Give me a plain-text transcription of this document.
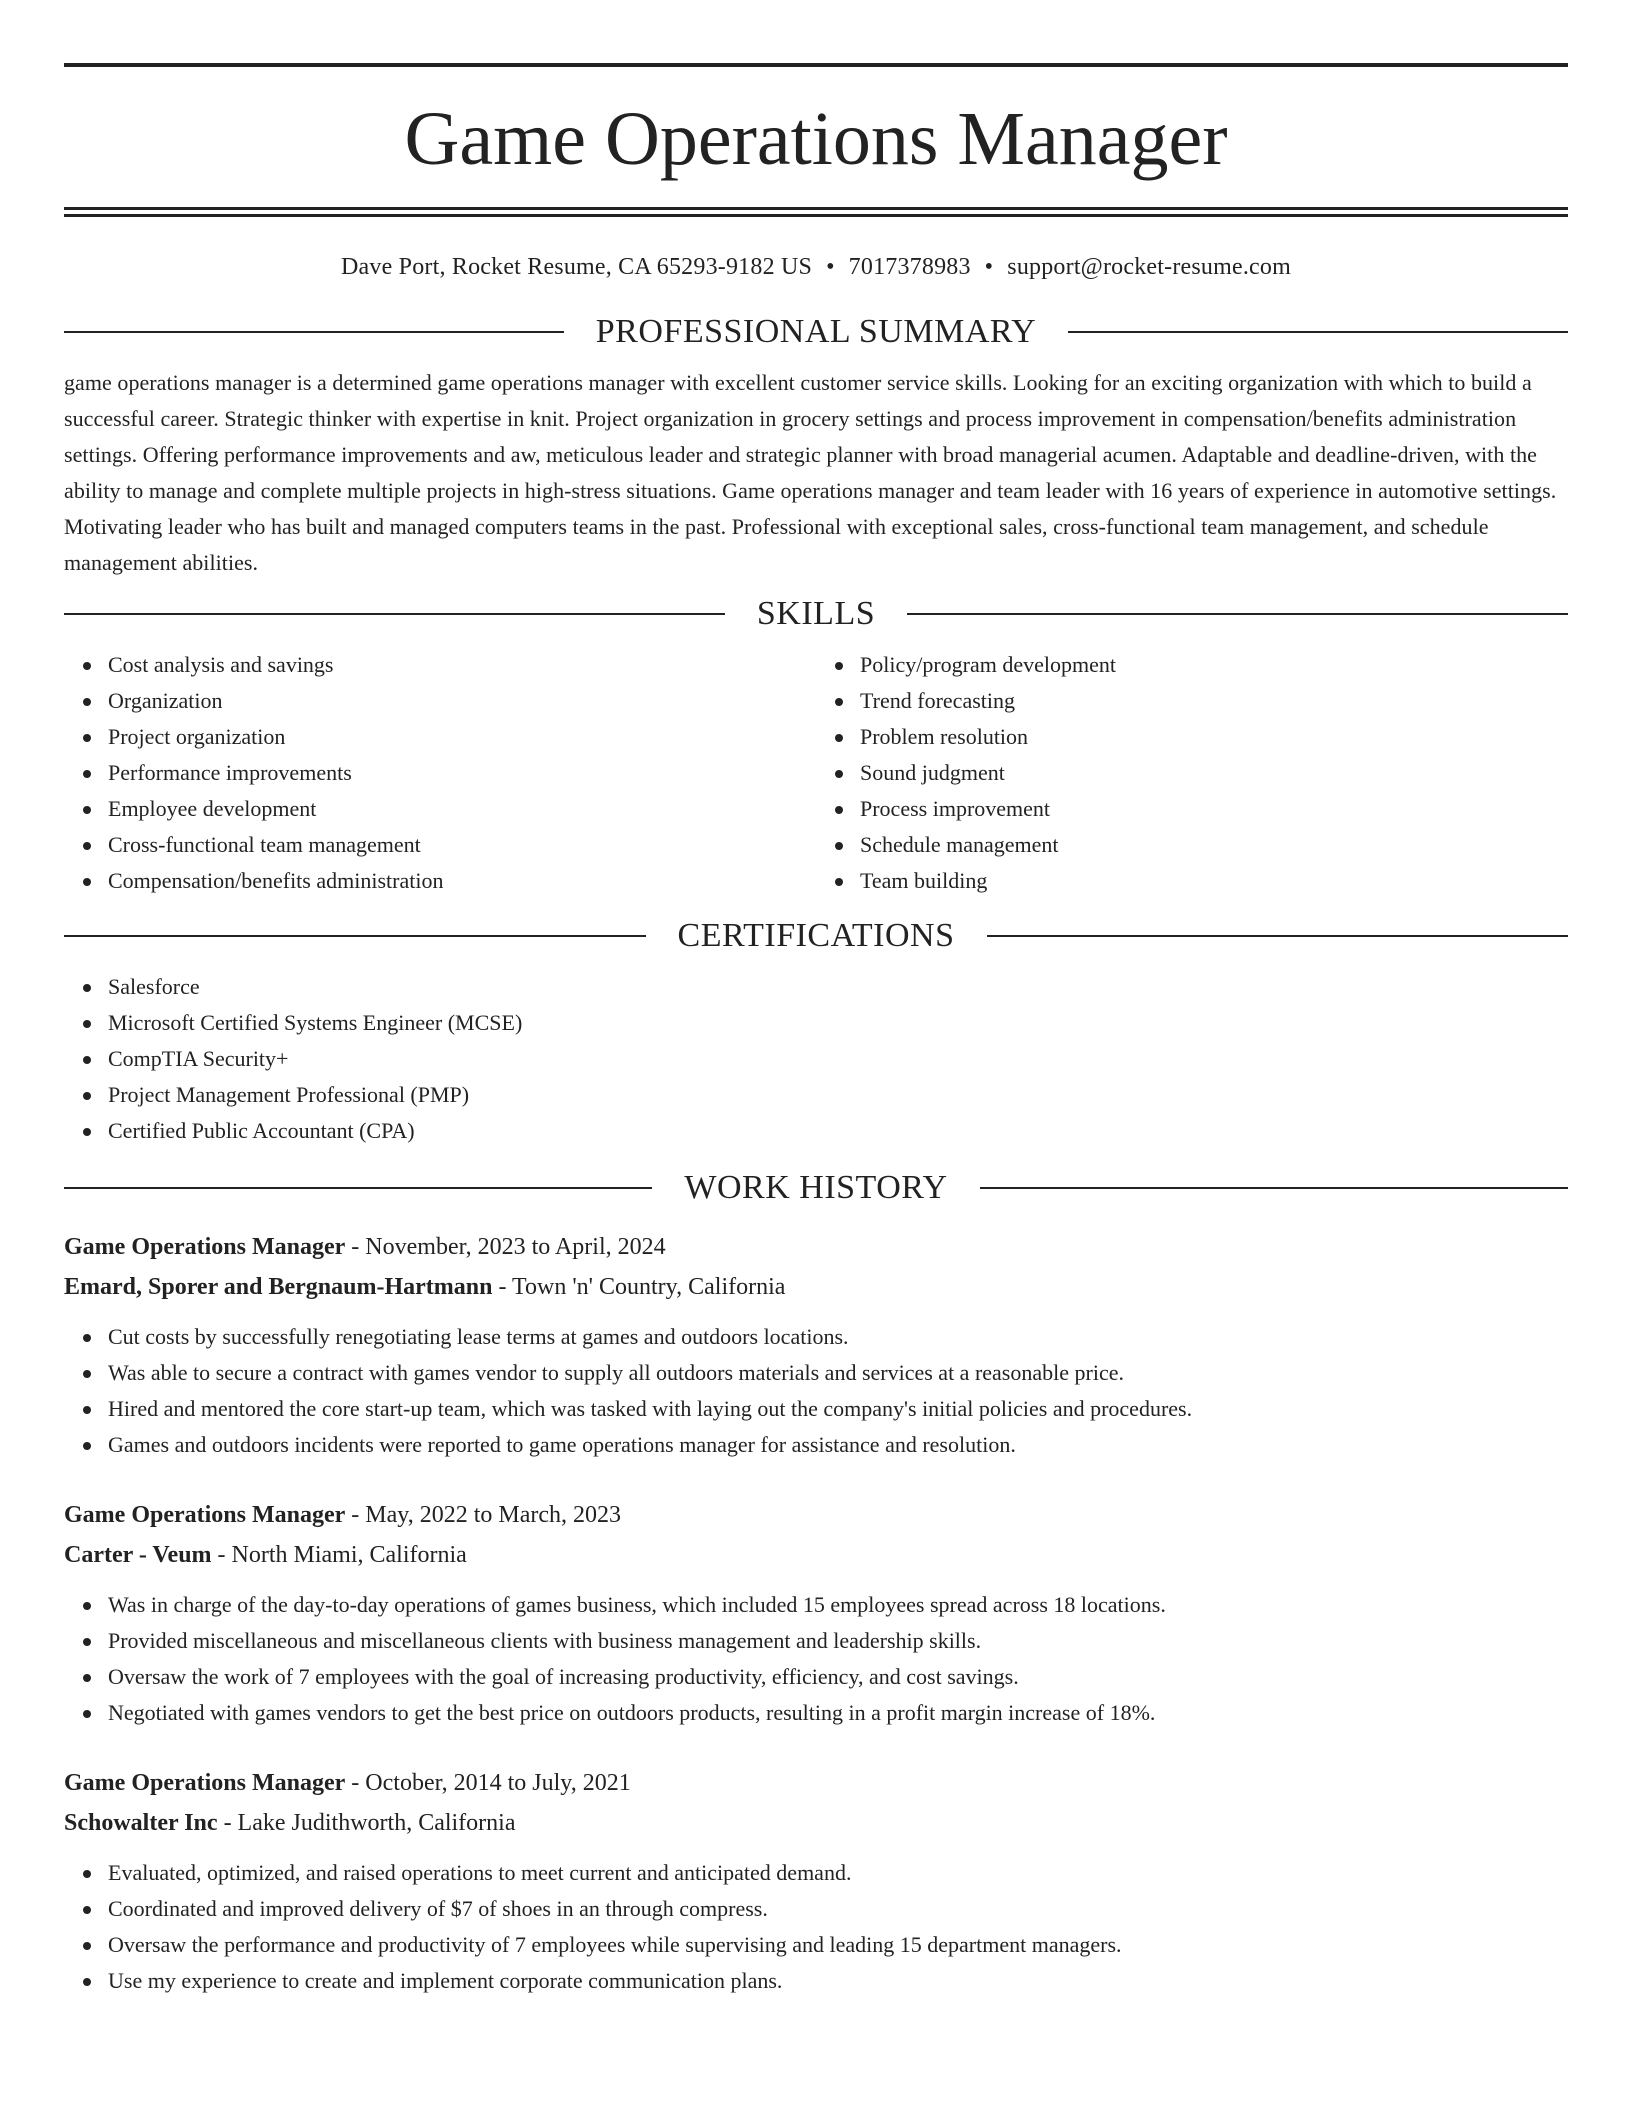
Game Operations Manager
Dave Port, Rocket Resume, CA 65293-9182 US • 7017378983 • support@rocket-resume.com
PROFESSIONAL SUMMARY

game operations manager is a determined game operations manager with excellent customer service skills. Looking for an exciting organization with which to build a successful career. Strategic thinker with expertise in knit. Project organization in grocery settings and process improvement in compensation/benefits administration settings. Offering performance improvements and aw, meticulous leader and strategic planner with broad managerial acumen. Adaptable and deadline-driven, with the ability to manage and complete multiple projects in high-stress situations. Game operations manager and team leader with 16 years of experience in automotive settings. Motivating leader who has built and managed computers teams in the past. Professional with exceptional sales, cross-functional team management, and schedule management abilities.

SKILLS
Cost analysis and savings
Organization
Project organization
Performance improvements
Employee development
Cross-functional team management
Compensation/benefits administration
Policy/program development
Trend forecasting
Problem resolution
Sound judgment
Process improvement
Schedule management
Team building
CERTIFICATIONS
Salesforce
Microsoft Certified Systems Engineer (MCSE)
CompTIA Security+
Project Management Professional (PMP)
Certified Public Accountant (CPA)
WORK HISTORY
Game Operations Manager - November, 2023 to April, 2024
Emard, Sporer and Bergnaum-Hartmann - Town 'n' Country, California
Cut costs by successfully renegotiating lease terms at games and outdoors locations.
Was able to secure a contract with games vendor to supply all outdoors materials and services at a reasonable price.
Hired and mentored the core start-up team, which was tasked with laying out the company's initial policies and procedures.
Games and outdoors incidents were reported to game operations manager for assistance and resolution.
Game Operations Manager - May, 2022 to March, 2023
Carter - Veum - North Miami, California
Was in charge of the day-to-day operations of games business, which included 15 employees spread across 18 locations.
Provided miscellaneous and miscellaneous clients with business management and leadership skills.
Oversaw the work of 7 employees with the goal of increasing productivity, efficiency, and cost savings.
Negotiated with games vendors to get the best price on outdoors products, resulting in a profit margin increase of 18%.
Game Operations Manager - October, 2014 to July, 2021
Schowalter Inc - Lake Judithworth, California
Evaluated, optimized, and raised operations to meet current and anticipated demand.
Coordinated and improved delivery of $7 of shoes in an through compress.
Oversaw the performance and productivity of 7 employees while supervising and leading 15 department managers.
Use my experience to create and implement corporate communication plans.
